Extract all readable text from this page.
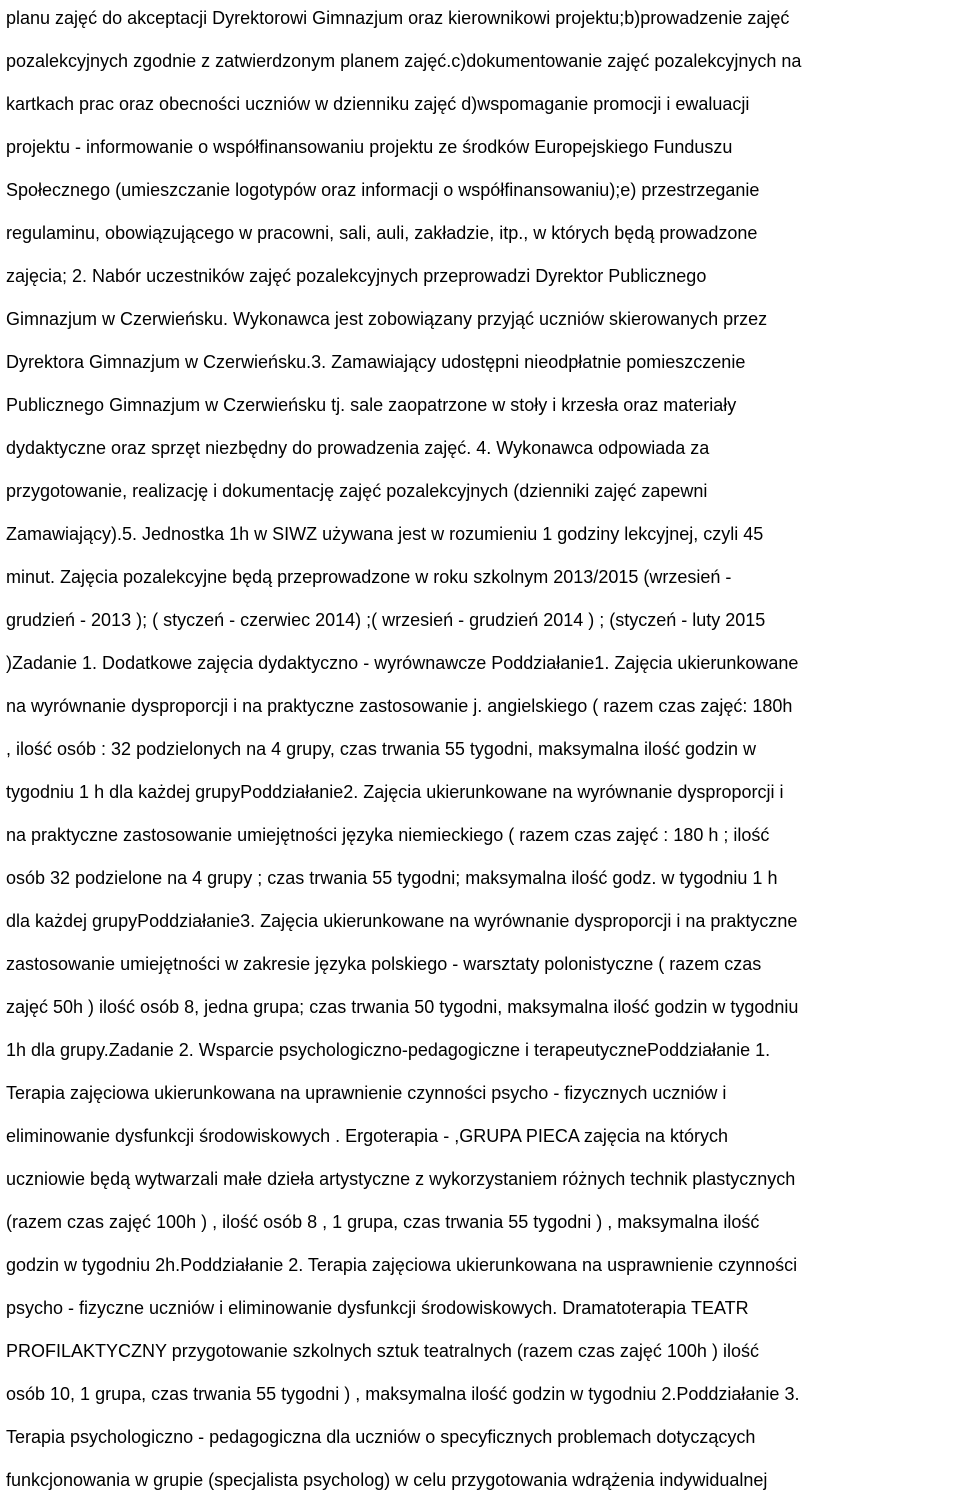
planu zajęć do akceptacji Dyrektorowi Gimnazjum oraz kierownikowi projektu;b)prowadzenie zajęć

pozalekcyjnych zgodnie z zatwierdzonym planem zajęć.c)dokumentowanie zajęć pozalekcyjnych na

kartkach prac oraz obecności uczniów w dzienniku zajęć d)wspomaganie promocji i ewaluacji

projektu - informowanie o współfinansowaniu projektu ze środków Europejskiego Funduszu

Społecznego (umieszczanie logotypów oraz informacji o współfinansowaniu);e) przestrzeganie

regulaminu, obowiązującego w pracowni, sali, auli, zakładzie, itp., w których będą prowadzone

zajęcia; 2. Nabór uczestników zajęć pozalekcyjnych przeprowadzi Dyrektor Publicznego

Gimnazjum w Czerwieńsku. Wykonawca jest zobowiązany przyjąć uczniów skierowanych przez

Dyrektora Gimnazjum w Czerwieńsku.3. Zamawiający udostępni nieodpłatnie pomieszczenie

Publicznego Gimnazjum w Czerwieńsku tj. sale zaopatrzone w stoły i krzesła oraz materiały

dydaktyczne oraz sprzęt niezbędny do prowadzenia zajęć. 4. Wykonawca odpowiada za

przygotowanie, realizację i dokumentację zajęć pozalekcyjnych (dzienniki zajęć zapewni

Zamawiający).5. Jednostka 1h w SIWZ używana jest w rozumieniu 1 godziny lekcyjnej, czyli 45

minut. Zajęcia pozalekcyjne będą przeprowadzone w roku szkolnym 2013/2015 (wrzesień -

grudzień - 2013 ); ( styczeń - czerwiec 2014) ;( wrzesień - grudzień 2014 ) ; (styczeń - luty 2015

)Zadanie 1. Dodatkowe zajęcia dydaktyczno - wyrównawcze Poddziałanie1. Zajęcia ukierunkowane

na wyrównanie dysproporcji i na praktyczne zastosowanie j. angielskiego ( razem czas zajęć: 180h

, ilość osób : 32 podzielonych na 4 grupy, czas trwania 55 tygodni, maksymalna ilość godzin w

tygodniu 1 h dla każdej grupyPoddziałanie2. Zajęcia ukierunkowane na wyrównanie dysproporcji i

na praktyczne zastosowanie umiejętności języka niemieckiego ( razem czas zajęć : 180 h ; ilość

osób 32 podzielone na 4 grupy ; czas trwania 55 tygodni; maksymalna ilość godz. w tygodniu 1 h

dla każdej grupyPoddziałanie3. Zajęcia ukierunkowane na wyrównanie dysproporcji i na praktyczne

zastosowanie umiejętności w zakresie języka polskiego - warsztaty polonistyczne ( razem czas

zajęć 50h ) ilość osób 8, jedna grupa; czas trwania 50 tygodni, maksymalna ilość godzin w tygodniu

1h dla grupy.Zadanie 2. Wsparcie psychologiczno-pedagogiczne i terapeutycznePoddziałanie 1.

Terapia zajęciowa ukierunkowana na uprawnienie czynności psycho - fizycznych uczniów i

eliminowanie dysfunkcji środowiskowych . Ergoterapia - ,GRUPA PIECA zajęcia na których

uczniowie będą wytwarzali małe dzieła artystyczne z wykorzystaniem różnych technik plastycznych

(razem czas zajęć 100h ) , ilość osób 8 , 1 grupa, czas trwania 55 tygodni ) , maksymalna ilość

godzin w tygodniu 2h.Poddziałanie 2. Terapia zajęciowa ukierunkowana na usprawnienie czynności

psycho - fizyczne uczniów i eliminowanie dysfunkcji środowiskowych. Dramatoterapia TEATR

PROFILAKTYCZNY przygotowanie szkolnych sztuk teatralnych (razem czas zajęć 100h ) ilość

osób 10, 1 grupa, czas trwania 55 tygodni ) , maksymalna ilość godzin w tygodniu 2.Poddziałanie 3.

Terapia psychologiczno - pedagogiczna dla uczniów o specyficznych problemach dotyczących

funkcjonowania w grupie (specjalista psycholog) w celu przygotowania wdrążenia indywidualnej
